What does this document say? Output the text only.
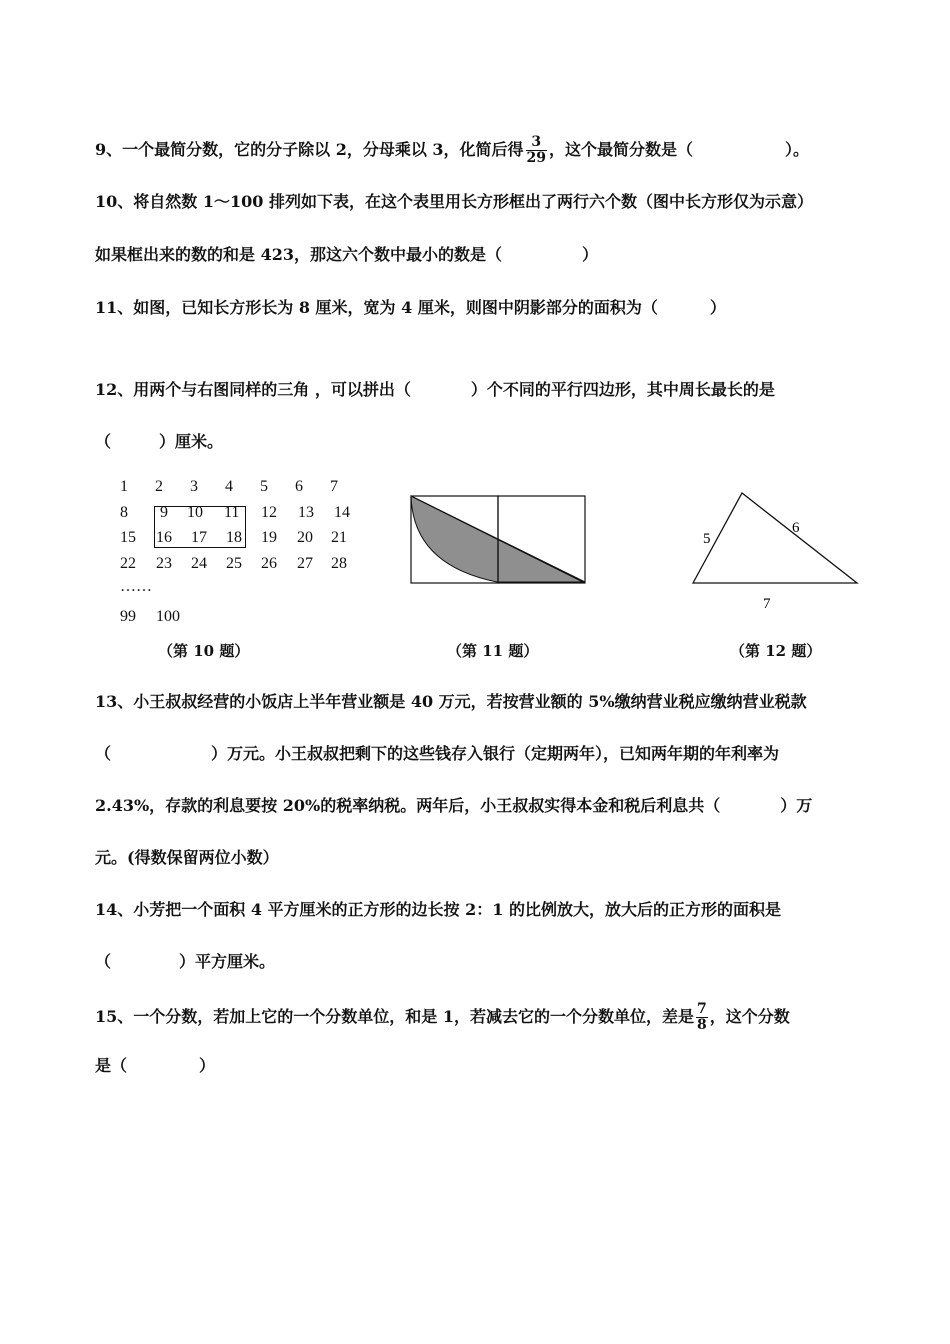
9、一个最简分数，它的分子除以 2，分母乘以 3，化简后得 $\frac{3}{29}$ ，这个最简分数是（	）。
10、将自然数 1～100 排列如下表，在这个表里用长方形框出了两行六个数（图中长方形仅为示意）
如果框出来的数的和是 423，那这六个数中最小的数是（	）
11、如图，已知长方形长为 8 厘米，宽为 4 厘米，则图中阴影部分的面积为（	）
12、用两个与右图同样的三角 ，可以拼出（	）个不同的平行四边形，其中周长最长的是
（	）厘米。
1 2 3 4 5 6 7
8 9 10 11 12 13 14
15 16 17 18 19 20 21
22 23 24 25 26 27 28
……
99 100
5
6
7
（第 10 题）	（第 11 题）	（第 12 题）
13、小王叔叔经营的小饭店上半年营业额是 40 万元，若按营业额的 5%缴纳营业税应缴纳营业税款
（	）万元。小王叔叔把剩下的这些钱存入银行（定期两年），已知两年期的年利率为
2.43%，存款的利息要按 20%的税率纳税。两年后，小王叔叔实得本金和税后利息共（	）万
元。(得数保留两位小数）
14、小芳把一个面积 4 平方厘米的正方形的边长按 2：1 的比例放大，放大后的正方形的面积是
（	）平方厘米。
15、一个分数，若加上它的一个分数单位，和是 1，若减去它的一个分数单位，差是 $\frac{7}{8}$ ，这个分数
是（	）
